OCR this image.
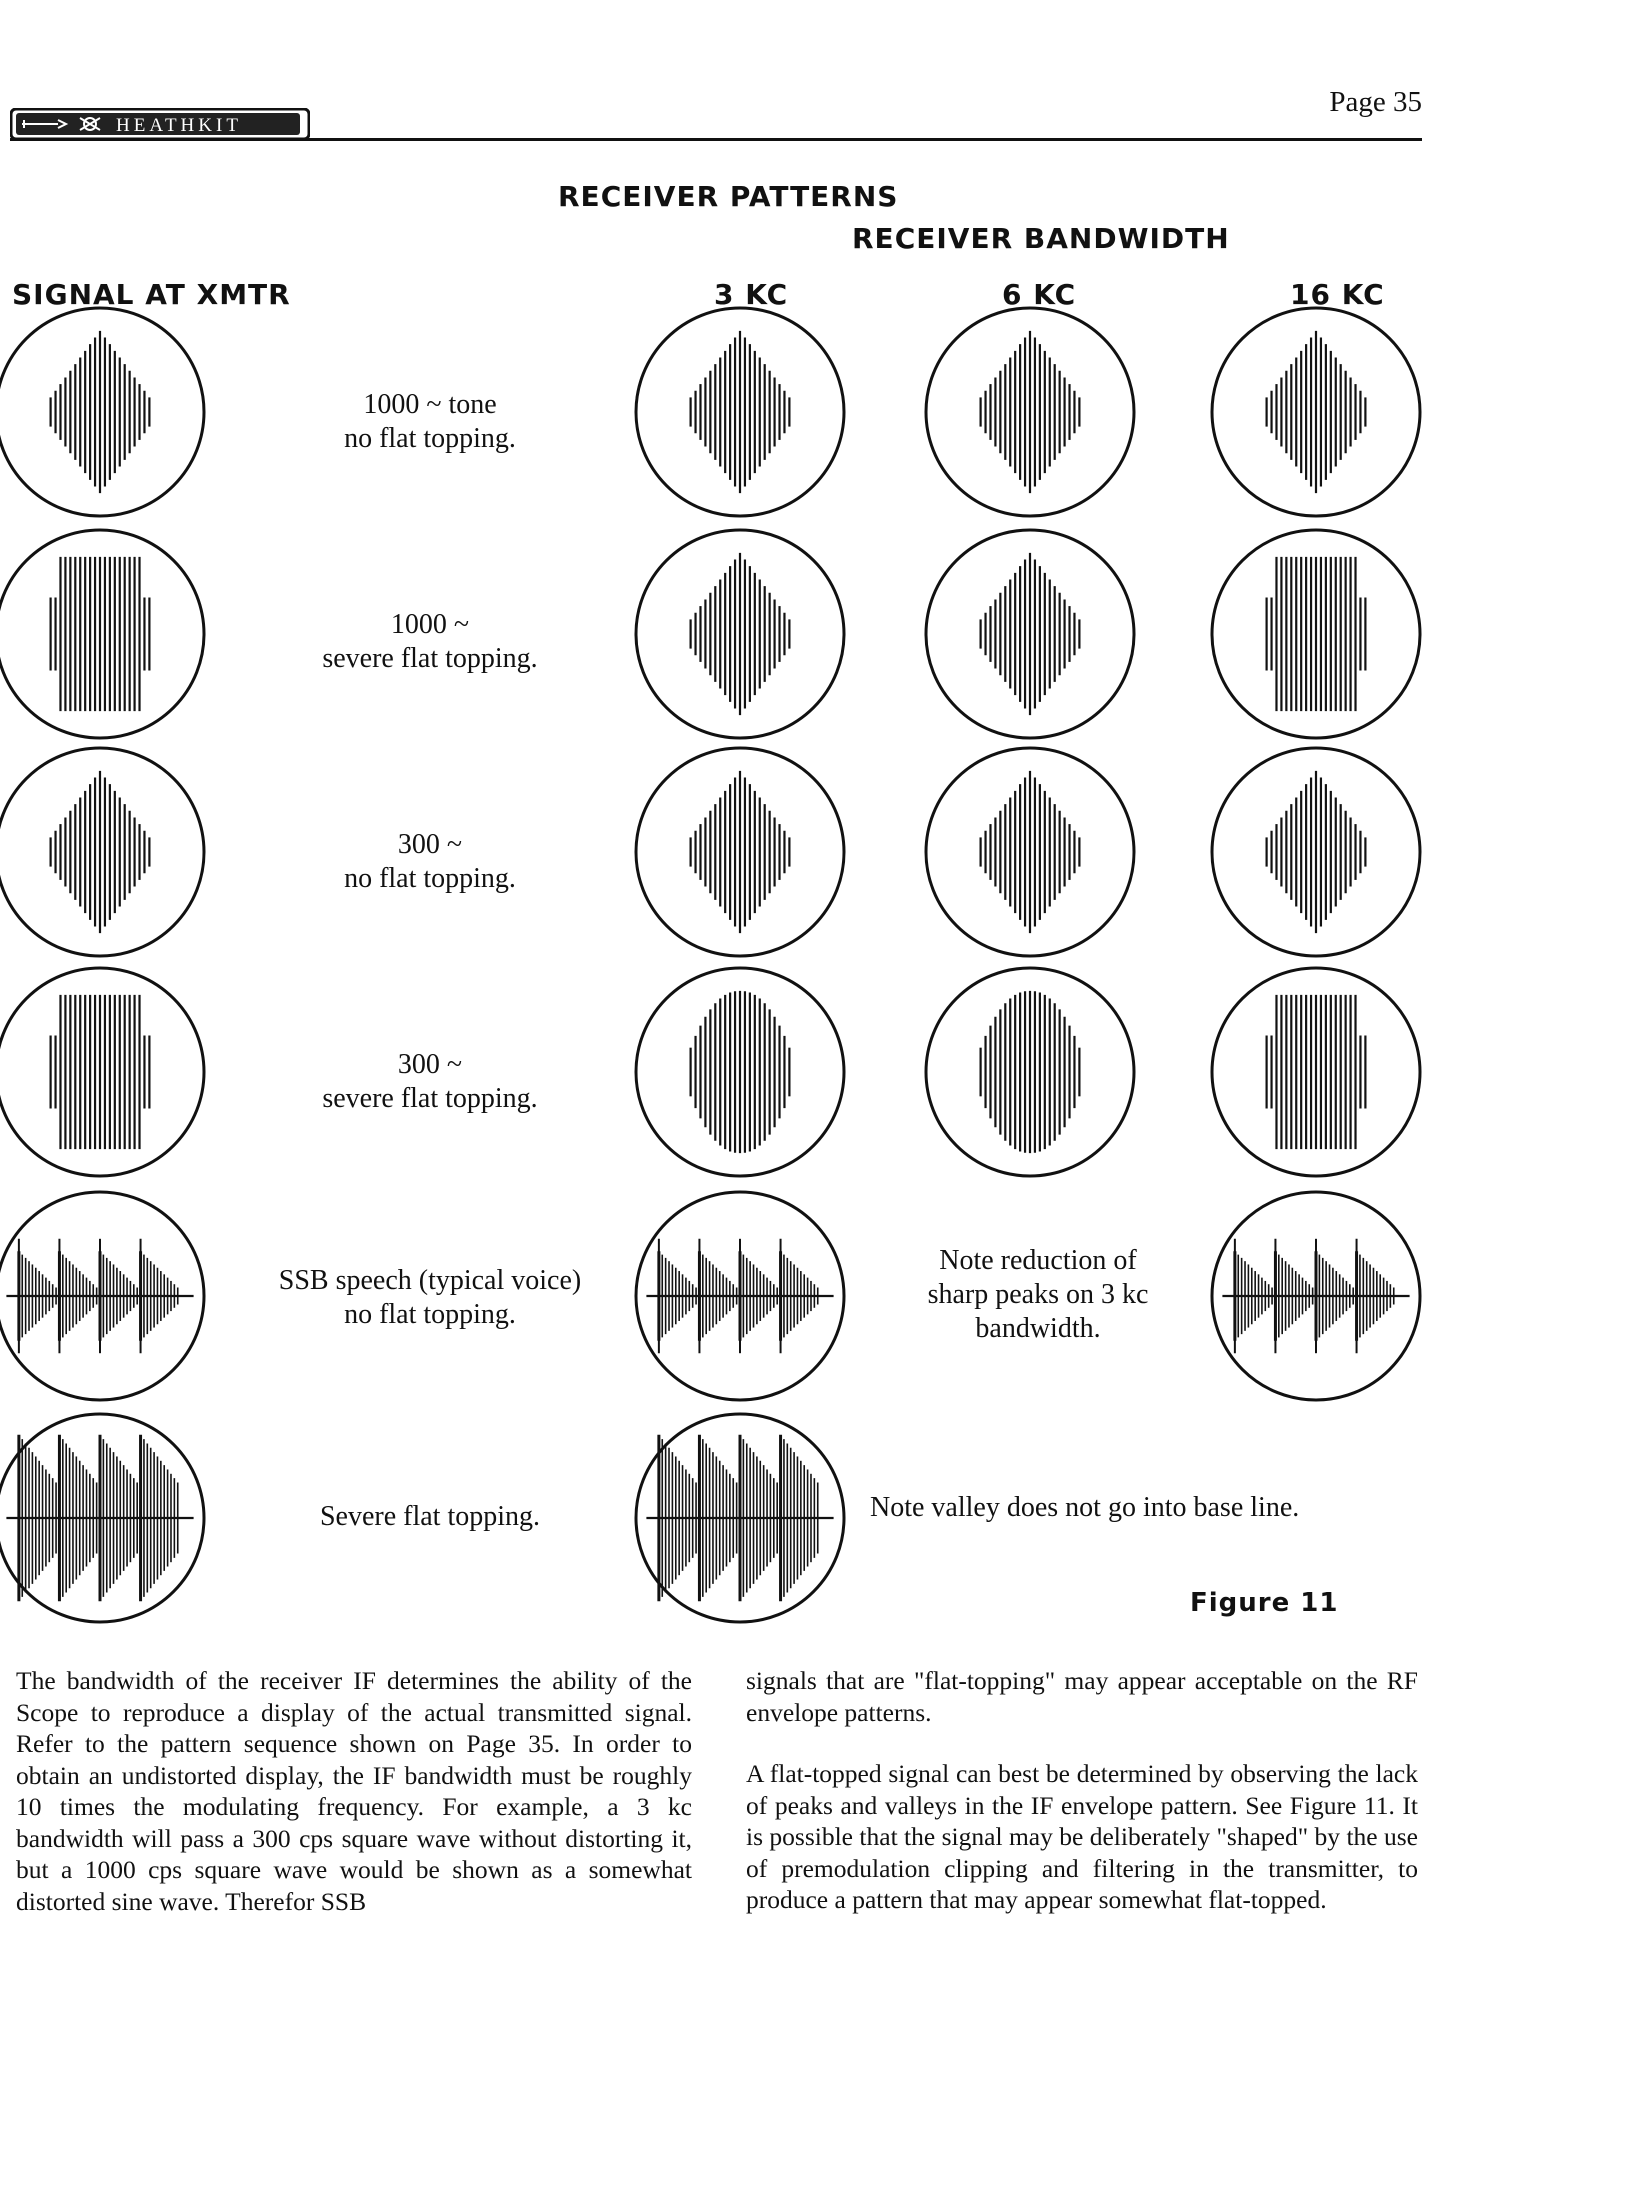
HEATHKIT
Page 35
RECEIVER PATTERNS
RECEIVER BANDWIDTH
SIGNAL AT XMTR	3 KC	6 KC	16 KC
1000 ~ tone
no flat topping.
1000 ~
severe flat topping.
300 ~
no flat topping.
300 ~
severe flat topping.
SSB speech (typical voice)
no flat topping.
Severe flat topping.
Note reduction of
sharp peaks on 3 kc
bandwidth.
Note valley does not go into base line.
Figure 11

The bandwidth of the receiver IF determines the ability of the Scope to reproduce a display of the actual transmitted signal. Refer to the pattern sequence shown on Page 35. In order to obtain an undistorted display, the IF bandwidth must be roughly 10 times the modulating frequency. For example, a 3 kc bandwidth will pass a 300 cps square wave without distorting it, but a 1000 cps square wave would be shown as a somewhat distorted sine wave. Therefor SSB

signals that are "flat-topping" may appear acceptable on the RF envelope patterns.

A flat-topped signal can best be determined by observing the lack of peaks and valleys in the IF envelope pattern. See Figure 11. It is possible that the signal may be deliberately "shaped" by the use of premodulation clipping and filtering in the transmitter, to produce a pattern that may appear somewhat flat-topped.
